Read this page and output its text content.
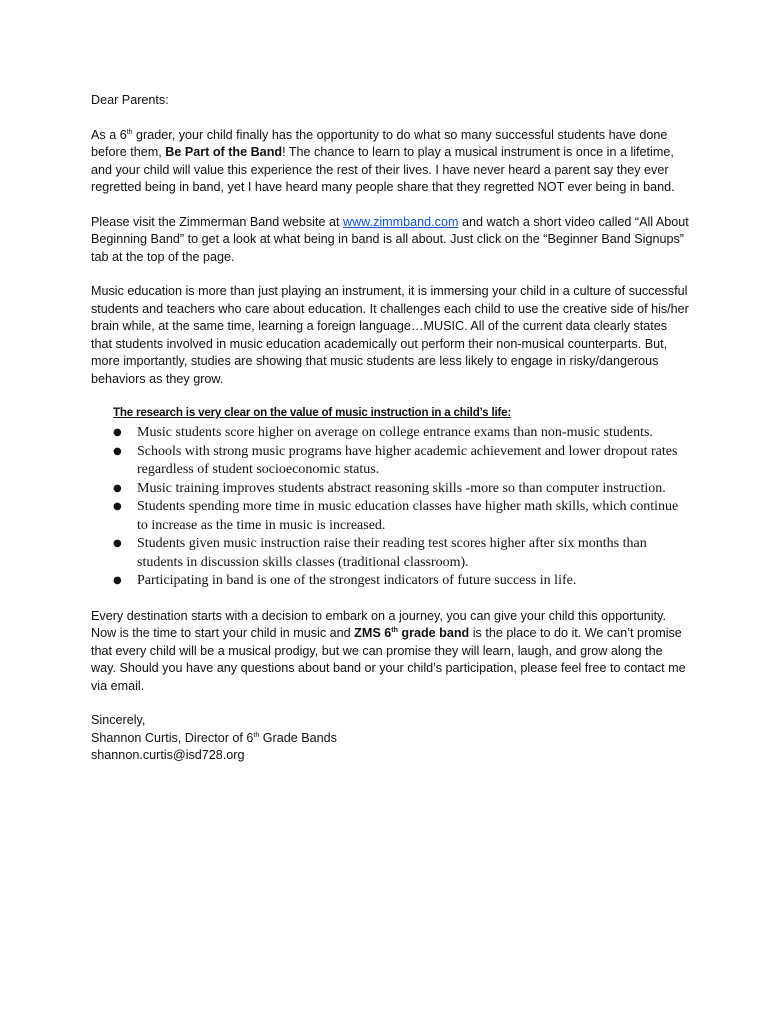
Dear Parents:

As a 6th grader, your child finally has the opportunity to do what so many successful students have done before them, Be Part of the Band! The chance to learn to play a musical instrument is once in a lifetime, and your child will value this experience the rest of their lives. I have never heard a parent say they ever regretted being in band, yet I have heard many people share that they regretted NOT ever being in band.

Please visit the Zimmerman Band website at www.zimmband.com and watch a short video called “All About Beginning Band” to get a look at what being in band is all about. Just click on the “Beginner Band Signups” tab at the top of the page.

Music education is more than just playing an instrument, it is immersing your child in a culture of successful students and teachers who care about education. It challenges each child to use the creative side of his/her brain while, at the same time, learning a foreign language…MUSIC. All of the current data clearly states that students involved in music education academically out perform their non-musical counterparts. But, more importantly, studies are showing that music students are less likely to engage in risky/dangerous behaviors as they grow.

The research is very clear on the value of music instruction in a child’s life:
● Music students score higher on average on college entrance exams than non-music students.
● Schools with strong music programs have higher academic achievement and lower dropout rates regardless of student socioeconomic status.
● Music training improves students abstract reasoning skills -more so than computer instruction.
● Students spending more time in music education classes have higher math skills, which continue to increase as the time in music is increased.
● Students given music instruction raise their reading test scores higher after six months than students in discussion skills classes (traditional classroom).
● Participating in band is one of the strongest indicators of future success in life.

Every destination starts with a decision to embark on a journey, you can give your child this opportunity. Now is the time to start your child in music and ZMS 6th grade band is the place to do it. We can’t promise that every child will be a musical prodigy, but we can promise they will learn, laugh, and grow along the way. Should you have any questions about band or your child’s participation, please feel free to contact me via email.

Sincerely,

Shannon Curtis, Director of 6th Grade Bands

shannon.curtis@isd728.org
